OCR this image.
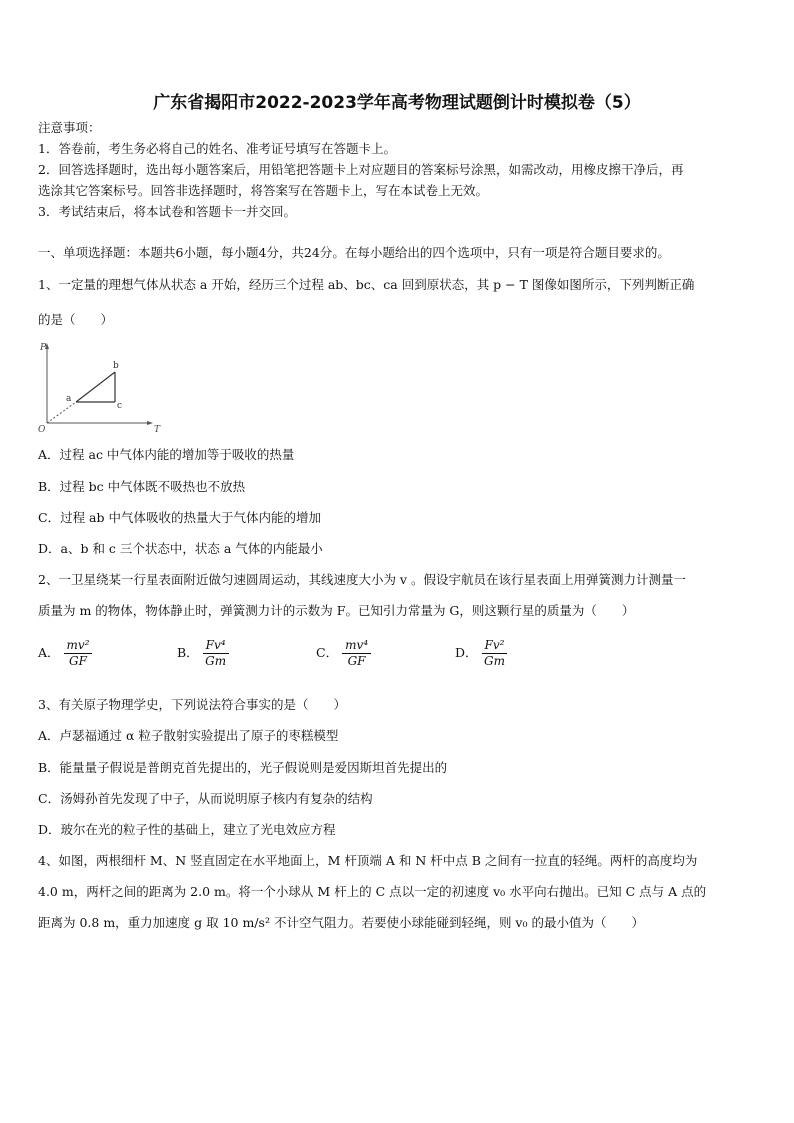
广东省揭阳市2022-2023学年高考物理试题倒计时模拟卷（5）
注意事项：
1．答卷前，考生务必将自己的姓名、准考证号填写在答题卡上。
2．回答选择题时，选出每小题答案后，用铅笔把答题卡上对应题目的答案标号涂黑，如需改动，用橡皮擦干净后，再
选涂其它答案标号。回答非选择题时，将答案写在答题卡上，写在本试卷上无效。
3．考试结束后，将本试卷和答题卡一并交回。
一、单项选择题：本题共6小题，每小题4分，共24分。在每小题给出的四个选项中，只有一项是符合题目要求的。
1、一定量的理想气体从状态 a 开始，经历三个过程 ab、bc、ca 回到原状态，其 p − T 图像如图所示，下列判断正确
的是（　　）
P
T
O
a
b
c
A．过程 ac 中气体内能的增加等于吸收的热量
B．过程 bc 中气体既不吸热也不放热
C．过程 ab 中气体吸收的热量大于气体内能的增加
D．a、b 和 c 三个状态中，状态 a 气体的内能最小
2、一卫星绕某一行星表面附近做匀速圆周运动，其线速度大小为 v 。假设宇航员在该行星表面上用弹簧测力计测量一
质量为 m 的物体，物体静止时，弹簧测力计的示数为 F。已知引力常量为 G，则这颗行星的质量为（　　）
A． $\frac{\text{mv²}}{GF}$	B． $\frac{\text{Fv⁴}}{Gm}$	C． $\frac{\text{mv⁴}}{GF}$	D． $\frac{\text{Fv²}}{Gm}$
3、有关原子物理学史，下列说法符合事实的是（　　）
A．卢瑟福通过 α 粒子散射实验提出了原子的枣糕模型
B．能量量子假说是普朗克首先提出的，光子假说则是爱因斯坦首先提出的
C．汤姆孙首先发现了中子，从而说明原子核内有复杂的结构
D．玻尔在光的粒子性的基础上，建立了光电效应方程
4、如图，两根细杆 M、N 竖直固定在水平地面上，M 杆顶端 A 和 N 杆中点 B 之间有一拉直的轻绳。两杆的高度均为
4.0 m，两杆之间的距离为 2.0 m。将一个小球从 M 杆上的 C 点以一定的初速度 v₀ 水平向右抛出。已知 C 点与 A 点的
距离为 0.8 m，重力加速度 g 取 10 m/s² 不计空气阻力。若要使小球能碰到轻绳，则 v₀ 的最小值为（　　）
